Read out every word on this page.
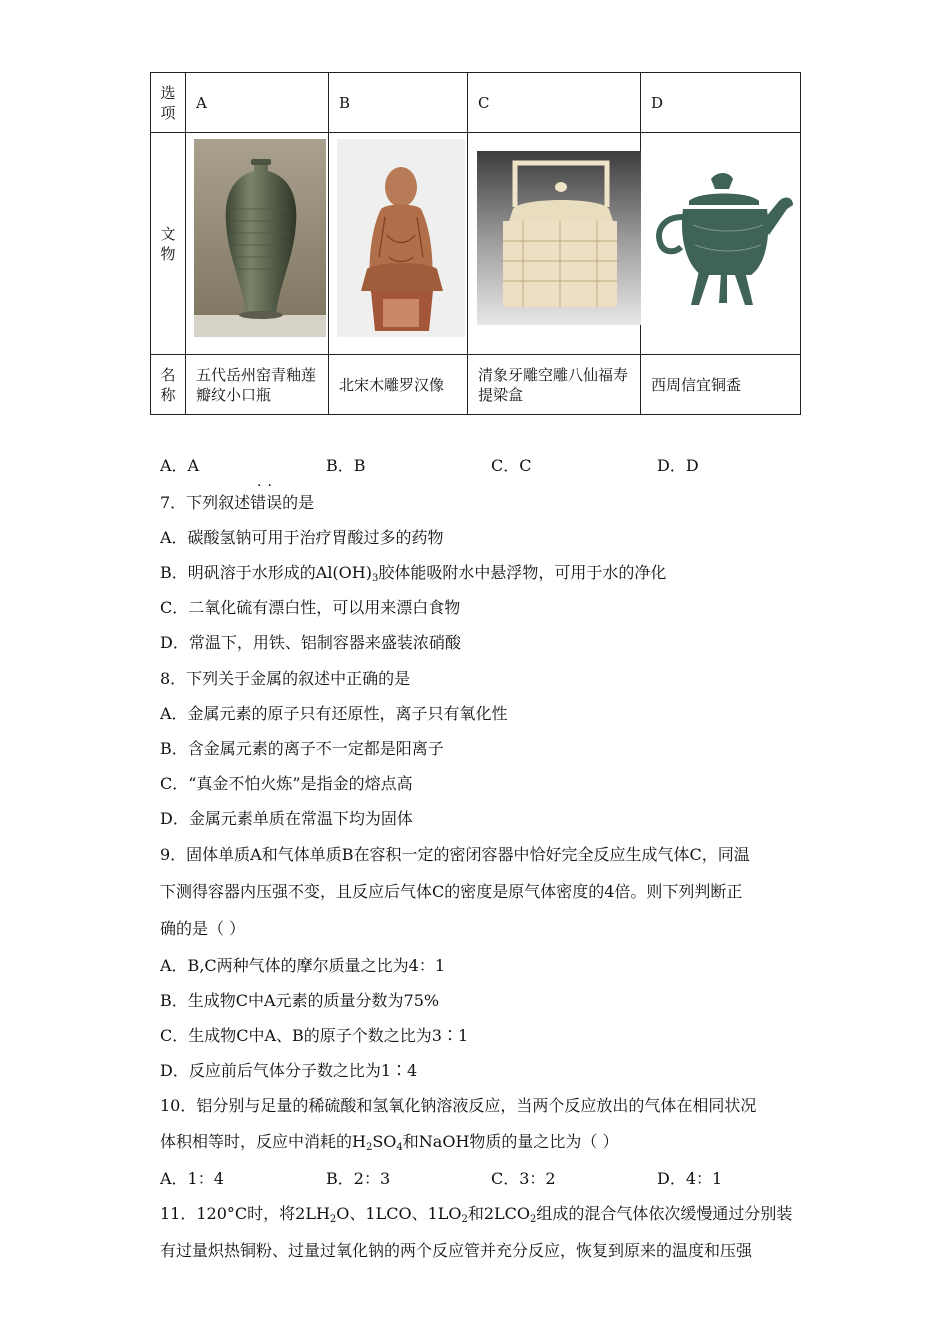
选项	A	B	C	D
文物	

名称	五代岳州窑青釉莲瓣纹小口瓶	北宋木雕罗汉像	清象牙雕空雕八仙福寿提梁盒	西周信宜铜盉
A．A	B．B	C．C	D．D
··
7．下列叙述错误的是
A．碳酸氢钠可用于治疗胃酸过多的药物
B．明矾溶于水形成的$Al(OH)_3$胶体能吸附水中悬浮物，可用于水的净化
C．二氧化硫有漂白性，可以用来漂白食物
D．常温下，用铁、铝制容器来盛装浓硝酸
8．下列关于金属的叙述中正确的是
A．金属元素的原子只有还原性，离子只有氧化性
B．含金属元素的离子不一定都是阳离子
C．“真金不怕火炼”是指金的熔点高
D．金属元素单质在常温下均为固体
9．固体单质A和气体单质B在容积一定的密闭容器中恰好完全反应生成气体C，同温
下测得容器内压强不变，且反应后气体C的密度是原气体密度的4倍。则下列判断正
确的是（ ）
A．B,C两种气体的摩尔质量之比为4：1
B．生成物C中A元素的质量分数为75%
C．生成物C中A、B的原子个数之比为3∶1
D．反应前后气体分子数之比为1∶4
10．铝分别与足量的稀硫酸和氢氧化钠溶液反应，当两个反应放出的气体在相同状况
体积相等时，反应中消耗的$H_2SO_4$和NaOH物质的量之比为（ ）
A．1：4	B．2：3	C．3：2	D．4：1
11．120°C时，将$2LH_2O$、1LCO、$1LO_2$和$2LCO_2$组成的混合气体依次缓慢通过分别装
有过量炽热铜粉、过量过氧化钠的两个反应管并充分反应，恢复到原来的温度和压强
